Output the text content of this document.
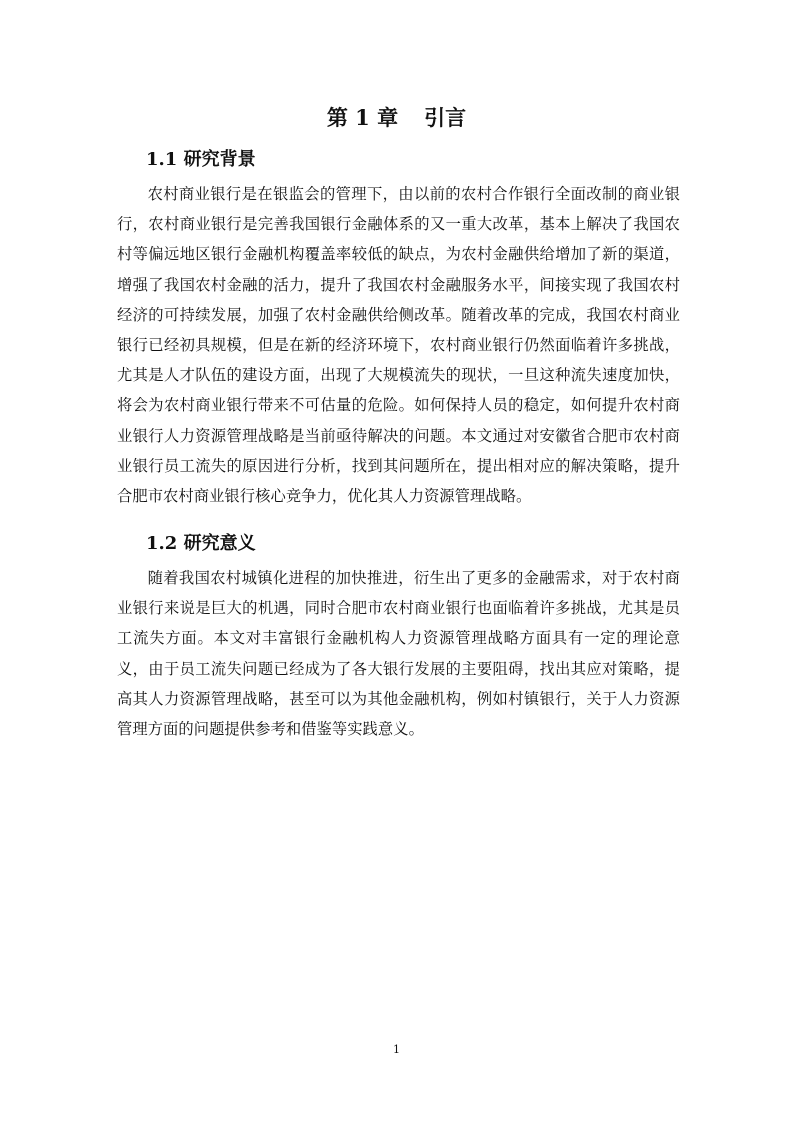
第 1 章 引言
1.1 研究背景

农村商业银行是在银监会的管理下，由以前的农村合作银行全面改制的商业银行，农村商业银行是完善我国银行金融体系的又一重大改革，基本上解决了我国农村等偏远地区银行金融机构覆盖率较低的缺点，为农村金融供给增加了新的渠道，增强了我国农村金融的活力，提升了我国农村金融服务水平，间接实现了我国农村经济的可持续发展，加强了农村金融供给侧改革。随着改革的完成，我国农村商业银行已经初具规模，但是在新的经济环境下，农村商业银行仍然面临着许多挑战，尤其是人才队伍的建设方面，出现了大规模流失的现状，一旦这种流失速度加快，将会为农村商业银行带来不可估量的危险。如何保持人员的稳定，如何提升农村商业银行人力资源管理战略是当前亟待解决的问题。本文通过对安徽省合肥市农村商业银行员工流失的原因进行分析，找到其问题所在，提出相对应的解决策略，提升合肥市农村商业银行核心竞争力，优化其人力资源管理战略。

1.2 研究意义

随着我国农村城镇化进程的加快推进，衍生出了更多的金融需求，对于农村商业银行来说是巨大的机遇，同时合肥市农村商业银行也面临着许多挑战，尤其是员工流失方面。本文对丰富银行金融机构人力资源管理战略方面具有一定的理论意义，由于员工流失问题已经成为了各大银行发展的主要阻碍，找出其应对策略，提高其人力资源管理战略，甚至可以为其他金融机构，例如村镇银行，关于人力资源管理方面的问题提供参考和借鉴等实践意义。

1
